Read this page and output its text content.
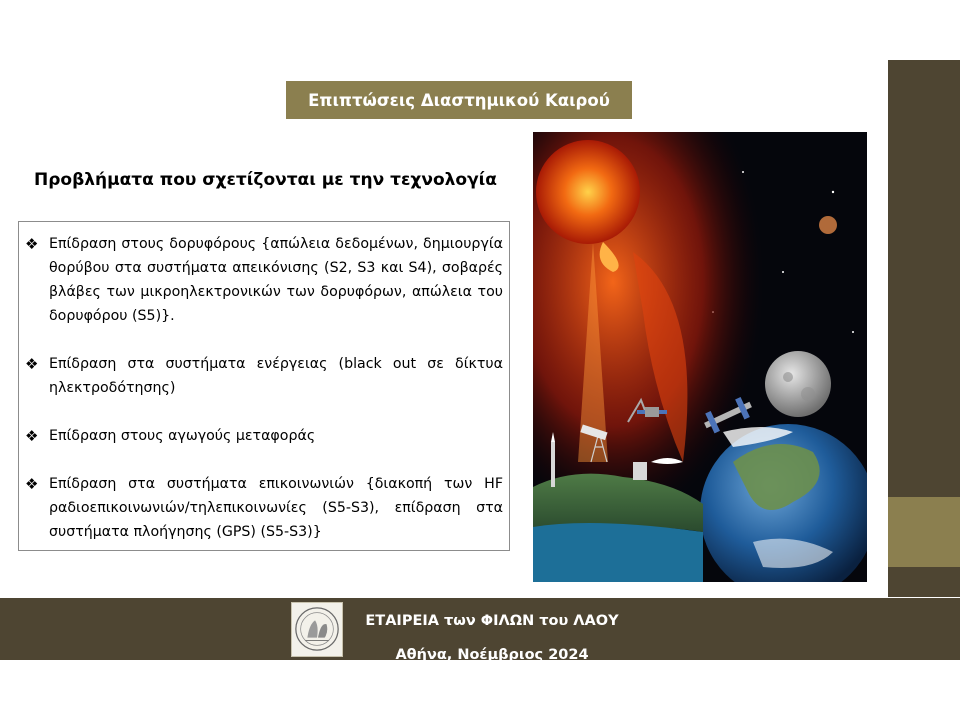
Επιπτώσεις Διαστημικού Καιρού
Προβλήματα που σχετίζονται με την τεχνολογία
❖ Επίδραση στους δορυφόρους {απώλεια δεδομένων, δημιουργία θορύβου στα συστήματα απεικόνισης (S2, S3 και S4), σοβαρές βλάβες των μικροηλεκτρονικών των δορυφόρων, απώλεια του δορυφόρου (S5)}.
❖ Επίδραση στα συστήματα ενέργειας (black out σε δίκτυα ηλεκτροδότησης)
❖ Επίδραση στους αγωγούς μεταφοράς
❖ Επίδραση στα συστήματα επικοινωνιών {διακοπή των HF ραδιοεπικοινωνιών/τηλεπικοινωνίες (S5-S3), επίδραση στα συστήματα πλοήγησης (GPS) (S5-S3)}
ΕΤΑΙΡΕΙΑ των ΦΙΛΩΝ του ΛΑΟΥ
Αθήνα, Νοέμβριος 2024
